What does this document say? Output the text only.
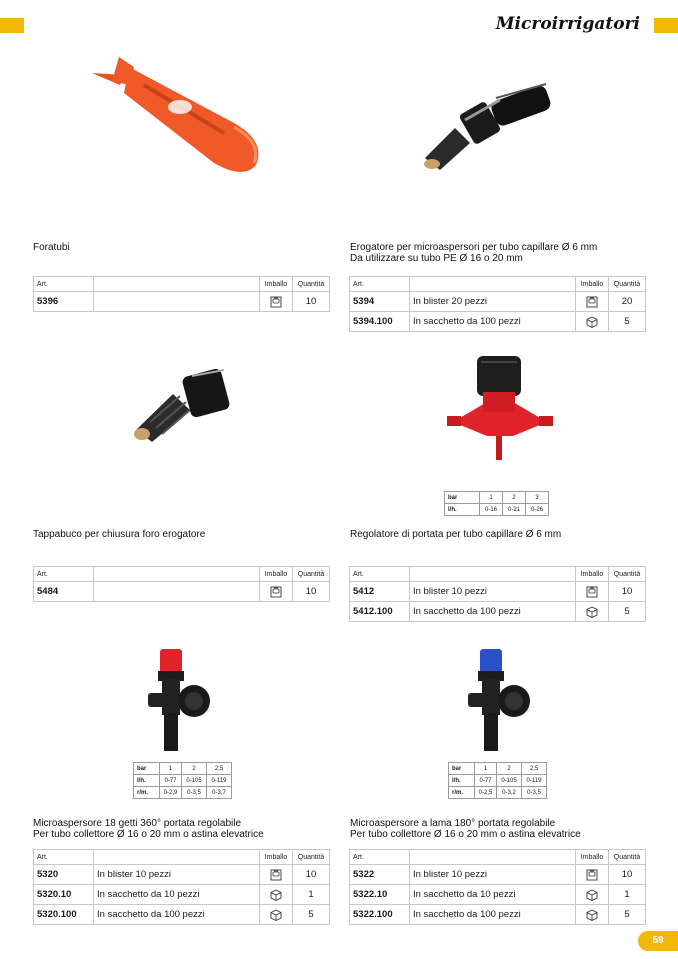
Microirrigatori
bar	1	2	3
l/h.	0-16	0-21	0-26
bar	1	2	2,5
l/h.	0-77	0-105	0-119
r/m.	0-2,9	0-3,5	0-3,7
bar	1	2	2,5
l/h.	0-77	0-105	0-119
r/m.	0-2,5	0-3,2	0-3,5
Foratubi	Erogatore per microaspersori per tubo capillare Ø 6 mm
Da utilizzare su tubo PE Ø 16 o 20 mm
Tappabuco per chiusura foro erogatore	Regolatore di portata per tubo capillare Ø 6 mm
Microaspersore 18 getti 360° portata regolabile
Per tubo collettore Ø 16 o 20 mm o astina elevatrice
Microaspersore a lama 180° portata regolabile
Per tubo collettore Ø 16 o 20 mm o astina elevatrice
Art.		Imballo	Quantità
5396			10
Art.		Imballo	Quantità
5394	In blister 20 pezzi		20
5394.100	In sacchetto da 100 pezzi		5
Art.		Imballo	Quantità
5484			10
Art.		Imballo	Quantità
5412	In blister 10 pezzi		10
5412.100	In sacchetto da 100 pezzi		5
Art.		Imballo	Quantità
5320	In blister 10 pezzi		10
5320.10	In sacchetto da 10 pezzi		1
5320.100	In sacchetto da 100 pezzi		5
Art.		Imballo	Quantità
5322	In blister 10 pezzi		10
5322.10	In sacchetto da 10 pezzi		1
5322.100	In sacchetto da 100 pezzi		5
59
